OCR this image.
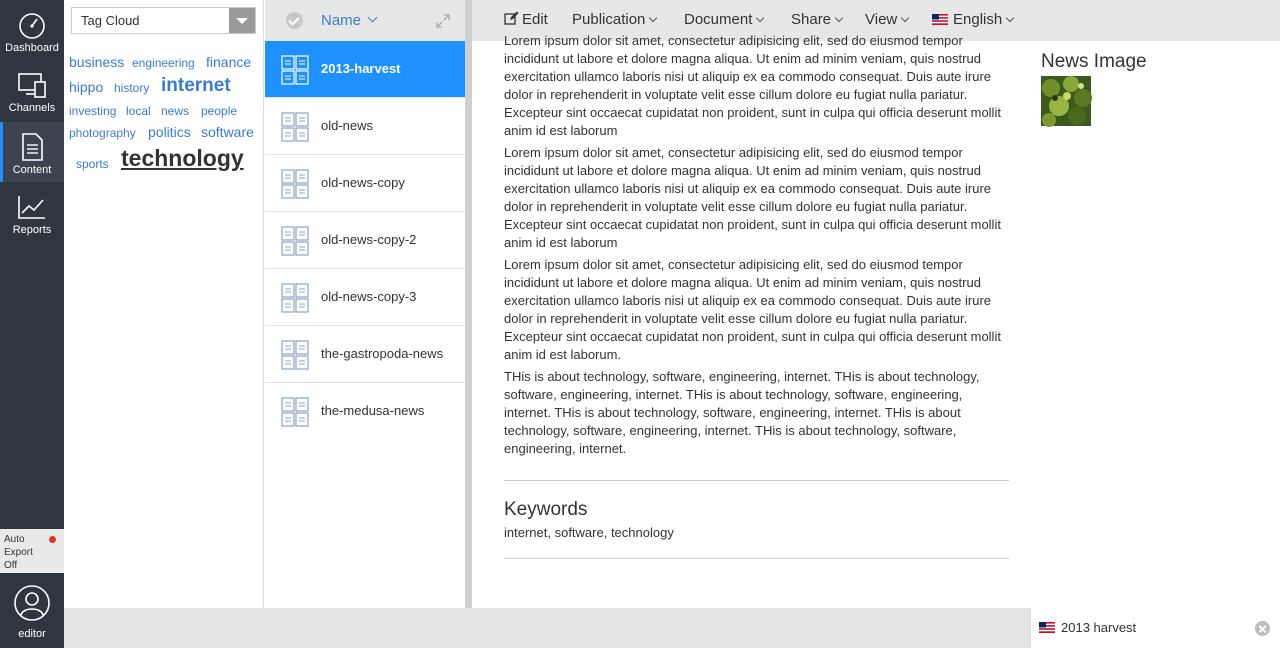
Dashboard
Channels
Content
Reports
Auto
Export
Off
editor
Tag Cloud
business engineering finance
hippo history internet
investing local news people
photography politics software
sports technology
Name
2013-harvest
old-news
old-news-copy
old-news-copy-2
old-news-copy-3
the-gastropoda-news
the-medusa-news
Edit Publication	Document	Share	View	English

Lorem ipsum dolor sit amet, consectetur adipisicing elit, sed do eiusmod tempor incididunt ut labore et dolore magna aliqua. Ut enim ad minim veniam, quis nostrud exercitation ullamco laboris nisi ut aliquip ex ea commodo consequat. Duis aute irure dolor in reprehenderit in voluptate velit esse cillum dolore eu fugiat nulla pariatur. Excepteur sint occaecat cupidatat non proident, sunt in culpa qui officia deserunt mollit anim id est laborum

Lorem ipsum dolor sit amet, consectetur adipisicing elit, sed do eiusmod tempor incididunt ut labore et dolore magna aliqua. Ut enim ad minim veniam, quis nostrud exercitation ullamco laboris nisi ut aliquip ex ea commodo consequat. Duis aute irure dolor in reprehenderit in voluptate velit esse cillum dolore eu fugiat nulla pariatur. Excepteur sint occaecat cupidatat non proident, sunt in culpa qui officia deserunt mollit anim id est laborum

Lorem ipsum dolor sit amet, consectetur adipisicing elit, sed do eiusmod tempor incididunt ut labore et dolore magna aliqua. Ut enim ad minim veniam, quis nostrud exercitation ullamco laboris nisi ut aliquip ex ea commodo consequat. Duis aute irure dolor in reprehenderit in voluptate velit esse cillum dolore eu fugiat nulla pariatur. Excepteur sint occaecat cupidatat non proident, sunt in culpa qui officia deserunt mollit anim id est laborum.

THis is about technology, software, engineering, internet. THis is about technology, software, engineering, internet. THis is about technology, software, engineering, internet. THis is about technology, software, engineering, internet. THis is about technology, software, engineering, internet. THis is about technology, software, engineering, internet.

Keywords
internet, software, technology
News Image
2013 harvest
